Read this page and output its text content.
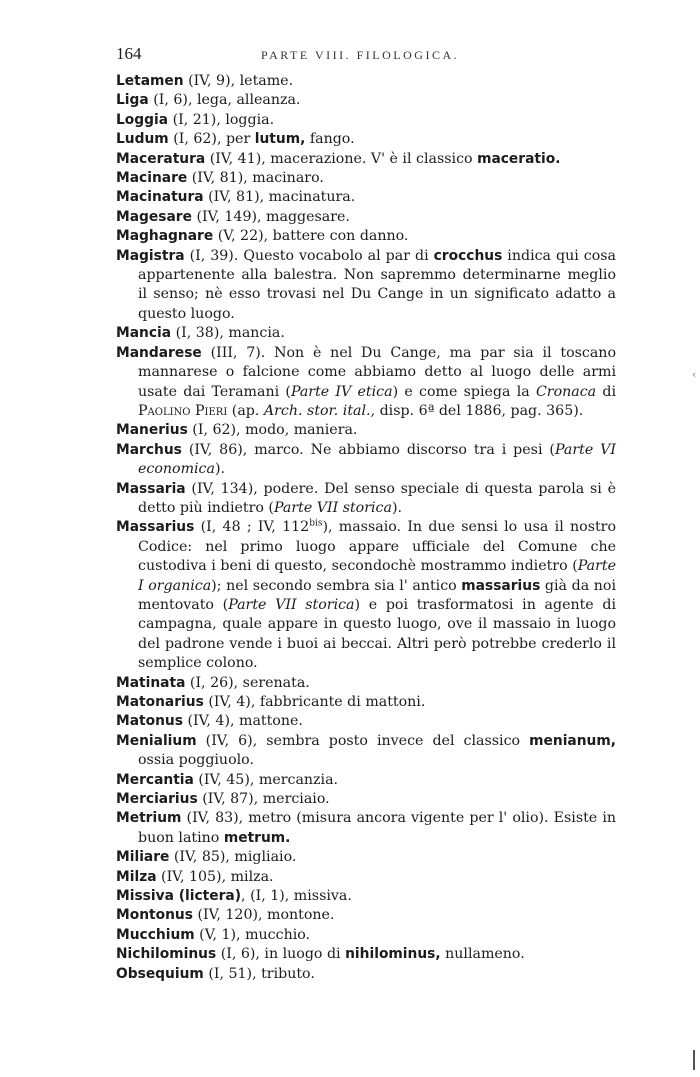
164	PARTE VIII. FILOLOGICA.
Letamen (IV, 9), letame.
Liga (I, 6), lega, alleanza.
Loggia (I, 21), loggia.
Ludum (I, 62), per lutum, fango.
Maceratura (IV, 41), macerazione. V' è il classico maceratio.
Macinare (IV, 81), macinaro.
Macinatura (IV, 81), macinatura.
Magesare (IV, 149), maggesare.
Maghagnare (V, 22), battere con danno.
Magistra (I, 39). Questo vocabolo al par di crocchus indica qui cosa appartenente alla balestra. Non sapremmo determinarne meglio il senso; nè esso trovasi nel Du Cange in un significato adatto a questo luogo.
Mancia (I, 38), mancia.
Mandarese (III, 7). Non è nel Du Cange, ma par sia il toscano mannarese o falcione come abbiamo detto al luogo delle armi usate dai Teramani (Parte IV etica) e come spiega la Cronaca di Paolino Pieri (ap. Arch. stor. ital., disp. 6ª del 1886, pag. 365).
Manerius (I, 62), modo, maniera.
Marchus (IV, 86), marco. Ne abbiamo discorso tra i pesi (Parte VI economica).
Massaria (IV, 134), podere. Del senso speciale di questa parola si è detto più indietro (Parte VII storica).
Massarius (I, 48 ; IV, $112^{bis}$), massaio. In due sensi lo usa il nostro Codice: nel primo luogo appare ufficiale del Comune che custodiva i beni di questo, secondochè mostrammo indietro (Parte I organica); nel secondo sembra sia l' antico massarius già da noi mentovato (Parte VII storica) e poi trasformatosi in agente di campagna, quale appare in questo luogo, ove il massaio in luogo del padrone vende i buoi ai beccai. Altri però potrebbe crederlo il semplice colono.
Matinata (I, 26), serenata.
Matonarius (IV, 4), fabbricante di mattoni.
Matonus (IV, 4), mattone.
Menialium (IV, 6), sembra posto invece del classico menianum, ossia poggiuolo.
Mercantia (IV, 45), mercanzia.
Merciarius (IV, 87), merciaio.
Metrium (IV, 83), metro (misura ancora vigente per l' olio). Esiste in buon latino metrum.
Miliare (IV, 85), migliaio.
Milza (IV, 105), milza.
Missiva (lictera), (I, 1), missiva.
Montonus (IV, 120), montone.
Mucchium (V, 1), mucchio.
Nichilominus (I, 6), in luogo di nihilominus, nullameno.
Obsequium (I, 51), tributo.
‹
